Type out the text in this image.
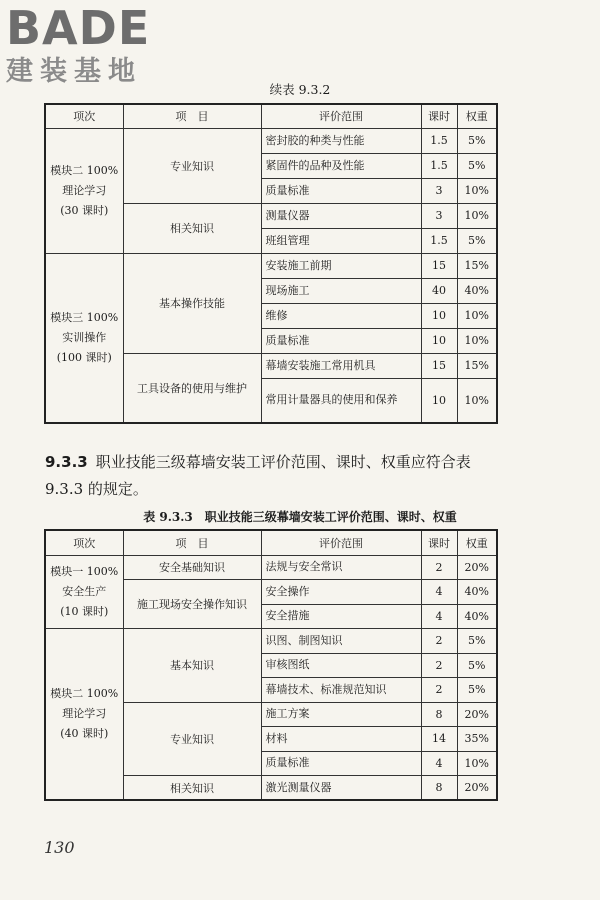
BADE
建装基地
续表 9.3.2
项次	项　目	评价范围	课时	权重

模块二 100%
理论学习
(30 课时)	专业知识	密封胶的种类与性能	1.5	5%
		紧固件的品种及性能	1.5	5%
		质量标准	3	10%
	相关知识	测量仪器	3	10%
		班组管理	1.5	5%

模块三 100%
实训操作
(100 课时)	基本操作技能	安装施工前期	15	15%
		现场施工	40	40%
		维修	10	10%
		质量标准	10	10%
	工具设备的使用与维护	幕墙安装施工常用机具	15	15%
		常用计量器具的使用和保养	10	10%
9.3.3 职业技能三级幕墙安装工评价范围、课时、权重应符合表 9.3.3 的规定。
表 9.3.3　职业技能三级幕墙安装工评价范围、课时、权重
项次	项　目	评价范围	课时	权重

模块一 100%
安全生产
(10 课时)	安全基础知识	法规与安全常识	2	20%
	施工现场安全操作知识	安全操作	4	40%
		安全措施	4	40%

模块二 100%
理论学习
(40 课时)	基本知识	识图、制图知识	2	5%
		审核图纸	2	5%
		幕墙技术、标准规范知识	2	5%
	专业知识	施工方案	8	20%
		材料	14	35%
		质量标准	4	10%
	相关知识	激光测量仪器	8	20%
130
